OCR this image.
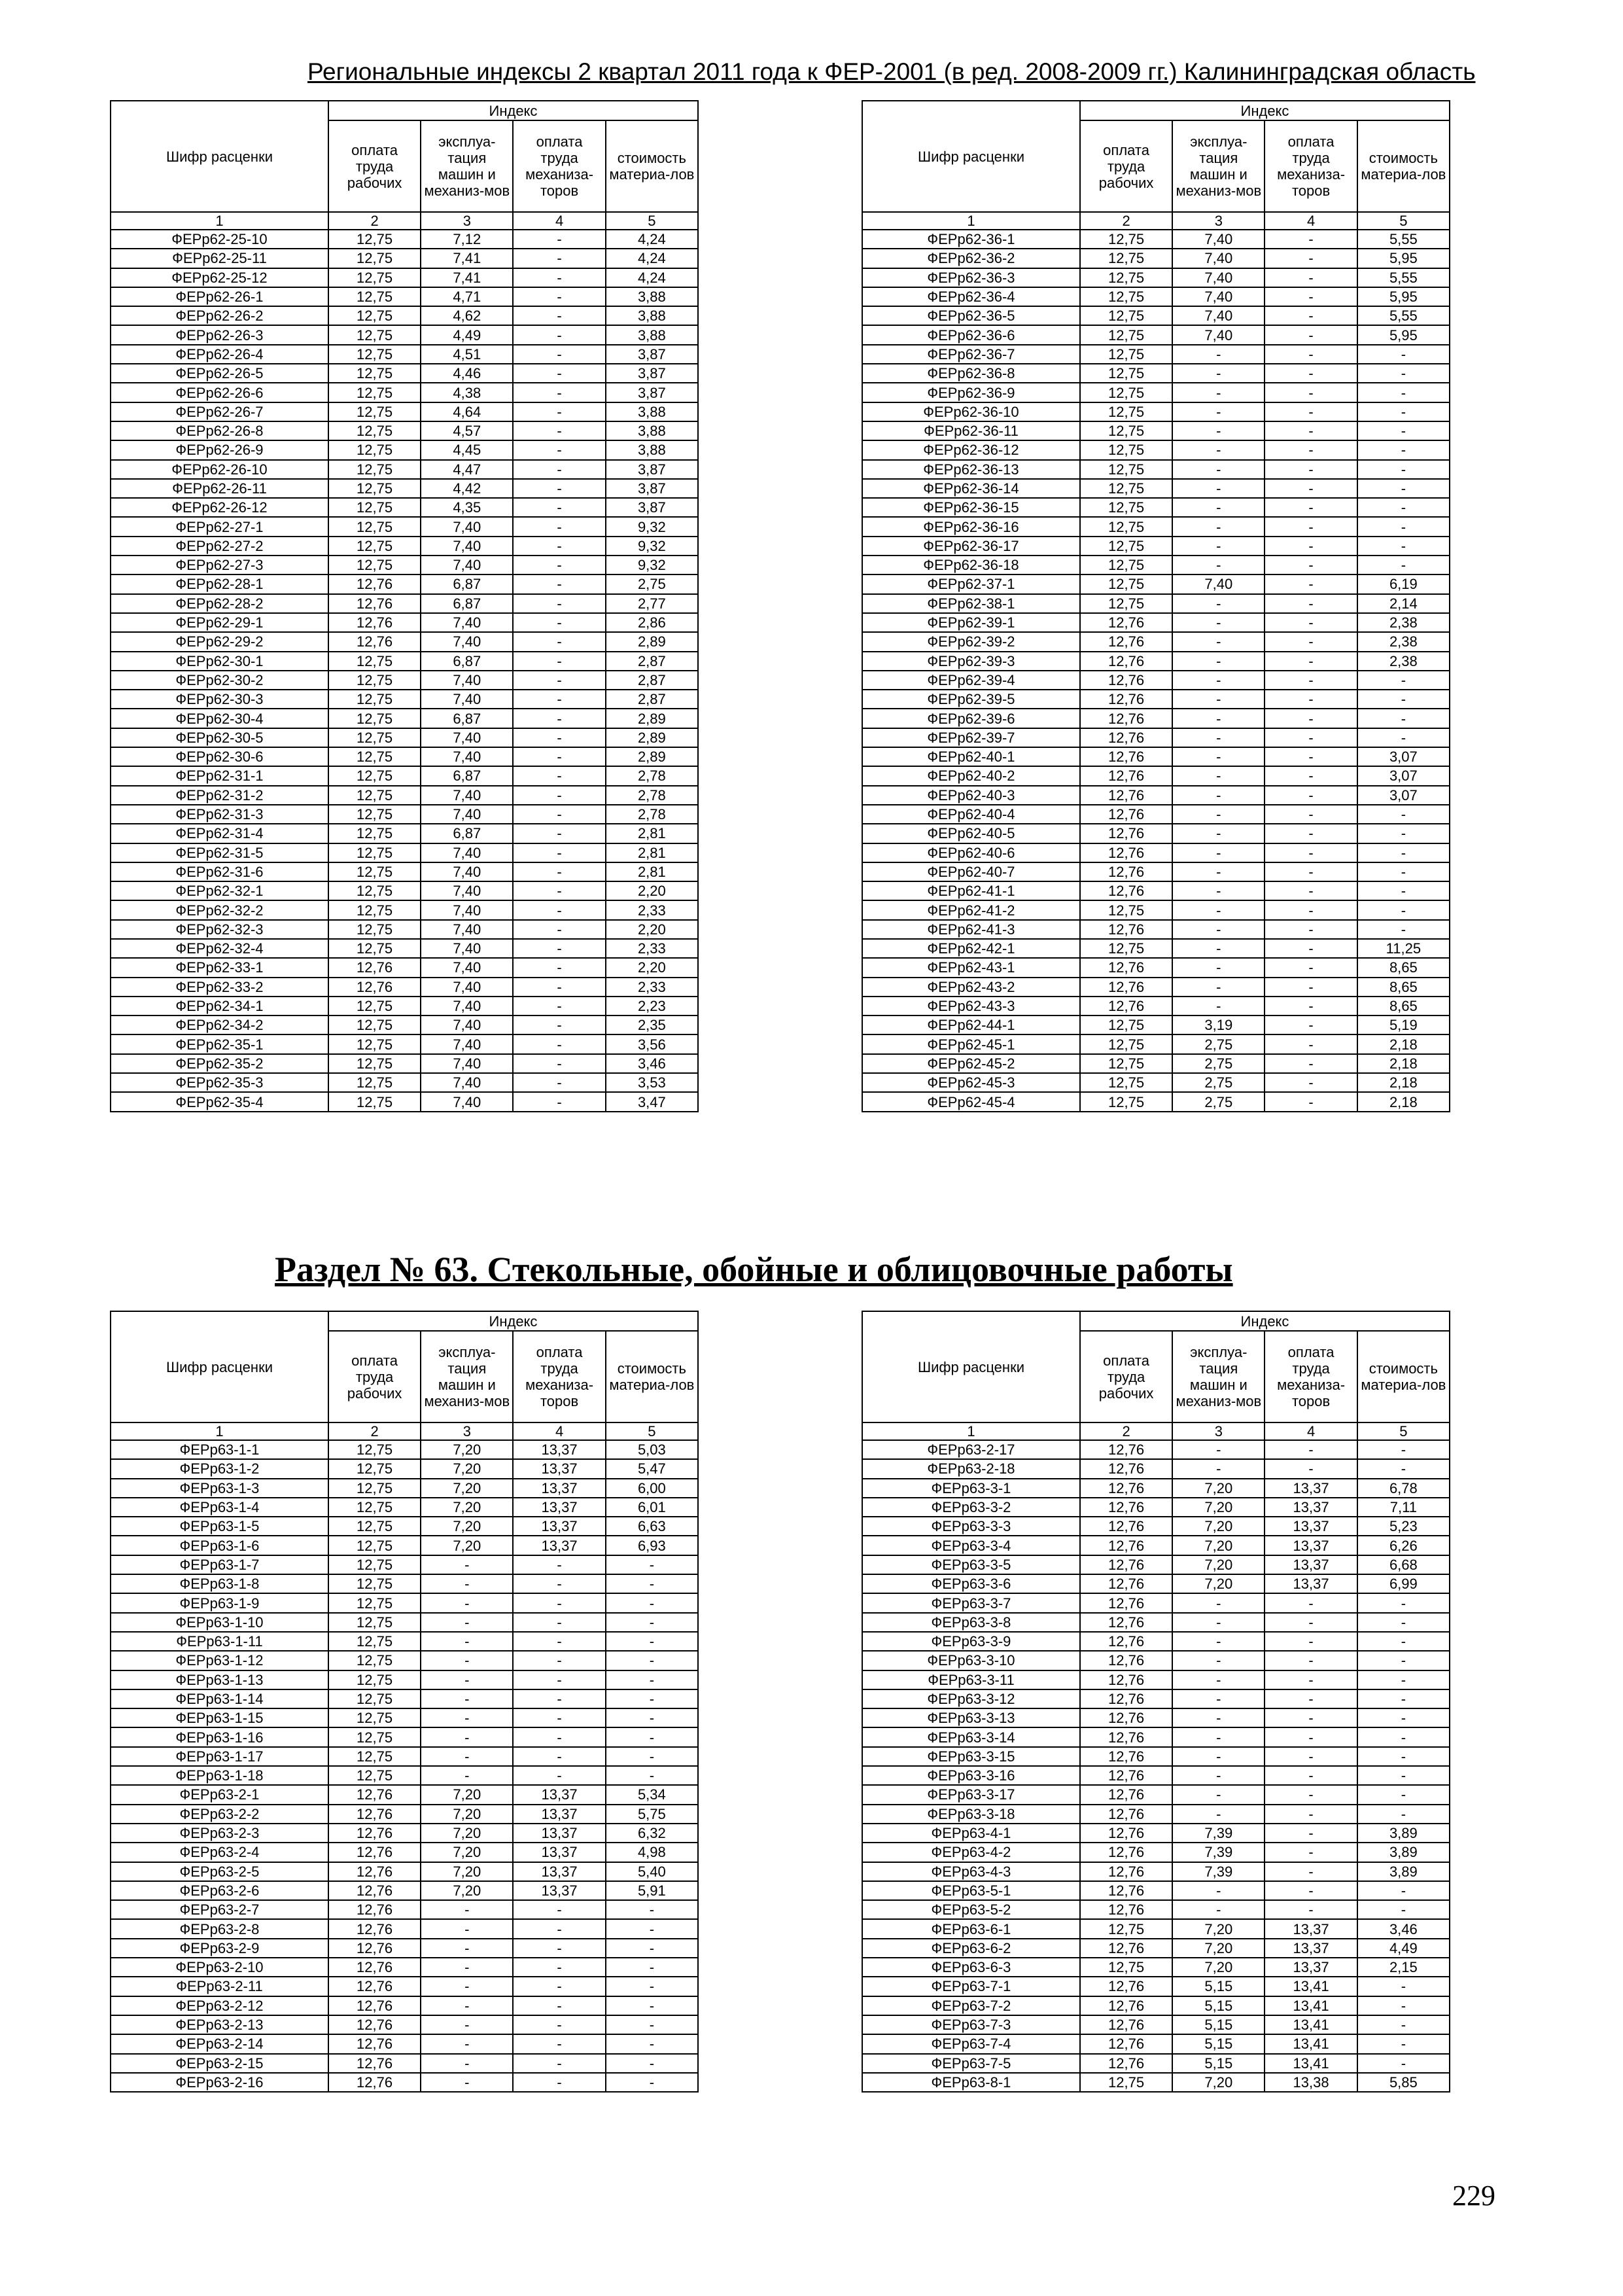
Региональные индексы 2 квартал 2011 года к ФЕР-2001 (в ред. 2008-2009 гг.) Калининградская область
Шифр расценки	Индекс			
	оплата труда рабочих	эксплуа-тация машин и механиз-мов	оплата труда механиза-торов	стоимость материа-лов
1	2	3	4	5
ФЕРр62-25-10	12,75	7,12	-	4,24
ФЕРр62-25-11	12,75	7,41	-	4,24
ФЕРр62-25-12	12,75	7,41	-	4,24
ФЕРр62-26-1	12,75	4,71	-	3,88
ФЕРр62-26-2	12,75	4,62	-	3,88
ФЕРр62-26-3	12,75	4,49	-	3,88
ФЕРр62-26-4	12,75	4,51	-	3,87
ФЕРр62-26-5	12,75	4,46	-	3,87
ФЕРр62-26-6	12,75	4,38	-	3,87
ФЕРр62-26-7	12,75	4,64	-	3,88
ФЕРр62-26-8	12,75	4,57	-	3,88
ФЕРр62-26-9	12,75	4,45	-	3,88
ФЕРр62-26-10	12,75	4,47	-	3,87
ФЕРр62-26-11	12,75	4,42	-	3,87
ФЕРр62-26-12	12,75	4,35	-	3,87
ФЕРр62-27-1	12,75	7,40	-	9,32
ФЕРр62-27-2	12,75	7,40	-	9,32
ФЕРр62-27-3	12,75	7,40	-	9,32
ФЕРр62-28-1	12,76	6,87	-	2,75
ФЕРр62-28-2	12,76	6,87	-	2,77
ФЕРр62-29-1	12,76	7,40	-	2,86
ФЕРр62-29-2	12,76	7,40	-	2,89
ФЕРр62-30-1	12,75	6,87	-	2,87
ФЕРр62-30-2	12,75	7,40	-	2,87
ФЕРр62-30-3	12,75	7,40	-	2,87
ФЕРр62-30-4	12,75	6,87	-	2,89
ФЕРр62-30-5	12,75	7,40	-	2,89
ФЕРр62-30-6	12,75	7,40	-	2,89
ФЕРр62-31-1	12,75	6,87	-	2,78
ФЕРр62-31-2	12,75	7,40	-	2,78
ФЕРр62-31-3	12,75	7,40	-	2,78
ФЕРр62-31-4	12,75	6,87	-	2,81
ФЕРр62-31-5	12,75	7,40	-	2,81
ФЕРр62-31-6	12,75	7,40	-	2,81
ФЕРр62-32-1	12,75	7,40	-	2,20
ФЕРр62-32-2	12,75	7,40	-	2,33
ФЕРр62-32-3	12,75	7,40	-	2,20
ФЕРр62-32-4	12,75	7,40	-	2,33
ФЕРр62-33-1	12,76	7,40	-	2,20
ФЕРр62-33-2	12,76	7,40	-	2,33
ФЕРр62-34-1	12,75	7,40	-	2,23
ФЕРр62-34-2	12,75	7,40	-	2,35
ФЕРр62-35-1	12,75	7,40	-	3,56
ФЕРр62-35-2	12,75	7,40	-	3,46
ФЕРр62-35-3	12,75	7,40	-	3,53
ФЕРр62-35-4	12,75	7,40	-	3,47
Шифр расценки	Индекс			
	оплата труда рабочих	эксплуа-тация машин и механиз-мов	оплата труда механиза-торов	стоимость материа-лов
1	2	3	4	5
ФЕРр62-36-1	12,75	7,40	-	5,55
ФЕРр62-36-2	12,75	7,40	-	5,95
ФЕРр62-36-3	12,75	7,40	-	5,55
ФЕРр62-36-4	12,75	7,40	-	5,95
ФЕРр62-36-5	12,75	7,40	-	5,55
ФЕРр62-36-6	12,75	7,40	-	5,95
ФЕРр62-36-7	12,75	-	-	-
ФЕРр62-36-8	12,75	-	-	-
ФЕРр62-36-9	12,75	-	-	-
ФЕРр62-36-10	12,75	-	-	-
ФЕРр62-36-11	12,75	-	-	-
ФЕРр62-36-12	12,75	-	-	-
ФЕРр62-36-13	12,75	-	-	-
ФЕРр62-36-14	12,75	-	-	-
ФЕРр62-36-15	12,75	-	-	-
ФЕРр62-36-16	12,75	-	-	-
ФЕРр62-36-17	12,75	-	-	-
ФЕРр62-36-18	12,75	-	-	-
ФЕРр62-37-1	12,75	7,40	-	6,19
ФЕРр62-38-1	12,75	-	-	2,14
ФЕРр62-39-1	12,76	-	-	2,38
ФЕРр62-39-2	12,76	-	-	2,38
ФЕРр62-39-3	12,76	-	-	2,38
ФЕРр62-39-4	12,76	-	-	-
ФЕРр62-39-5	12,76	-	-	-
ФЕРр62-39-6	12,76	-	-	-
ФЕРр62-39-7	12,76	-	-	-
ФЕРр62-40-1	12,76	-	-	3,07
ФЕРр62-40-2	12,76	-	-	3,07
ФЕРр62-40-3	12,76	-	-	3,07
ФЕРр62-40-4	12,76	-	-	-
ФЕРр62-40-5	12,76	-	-	-
ФЕРр62-40-6	12,76	-	-	-
ФЕРр62-40-7	12,76	-	-	-
ФЕРр62-41-1	12,76	-	-	-
ФЕРр62-41-2	12,75	-	-	-
ФЕРр62-41-3	12,76	-	-	-
ФЕРр62-42-1	12,75	-	-	11,25
ФЕРр62-43-1	12,76	-	-	8,65
ФЕРр62-43-2	12,76	-	-	8,65
ФЕРр62-43-3	12,76	-	-	8,65
ФЕРр62-44-1	12,75	3,19	-	5,19
ФЕРр62-45-1	12,75	2,75	-	2,18
ФЕРр62-45-2	12,75	2,75	-	2,18
ФЕРр62-45-3	12,75	2,75	-	2,18
ФЕРр62-45-4	12,75	2,75	-	2,18
Раздел № 63. Стекольные, обойные и облицовочные работы
Шифр расценки	Индекс			
	оплата труда рабочих	эксплуа-тация машин и механиз-мов	оплата труда механиза-торов	стоимость материа-лов
1	2	3	4	5
ФЕРр63-1-1	12,75	7,20	13,37	5,03
ФЕРр63-1-2	12,75	7,20	13,37	5,47
ФЕРр63-1-3	12,75	7,20	13,37	6,00
ФЕРр63-1-4	12,75	7,20	13,37	6,01
ФЕРр63-1-5	12,75	7,20	13,37	6,63
ФЕРр63-1-6	12,75	7,20	13,37	6,93
ФЕРр63-1-7	12,75	-	-	-
ФЕРр63-1-8	12,75	-	-	-
ФЕРр63-1-9	12,75	-	-	-
ФЕРр63-1-10	12,75	-	-	-
ФЕРр63-1-11	12,75	-	-	-
ФЕРр63-1-12	12,75	-	-	-
ФЕРр63-1-13	12,75	-	-	-
ФЕРр63-1-14	12,75	-	-	-
ФЕРр63-1-15	12,75	-	-	-
ФЕРр63-1-16	12,75	-	-	-
ФЕРр63-1-17	12,75	-	-	-
ФЕРр63-1-18	12,75	-	-	-
ФЕРр63-2-1	12,76	7,20	13,37	5,34
ФЕРр63-2-2	12,76	7,20	13,37	5,75
ФЕРр63-2-3	12,76	7,20	13,37	6,32
ФЕРр63-2-4	12,76	7,20	13,37	4,98
ФЕРр63-2-5	12,76	7,20	13,37	5,40
ФЕРр63-2-6	12,76	7,20	13,37	5,91
ФЕРр63-2-7	12,76	-	-	-
ФЕРр63-2-8	12,76	-	-	-
ФЕРр63-2-9	12,76	-	-	-
ФЕРр63-2-10	12,76	-	-	-
ФЕРр63-2-11	12,76	-	-	-
ФЕРр63-2-12	12,76	-	-	-
ФЕРр63-2-13	12,76	-	-	-
ФЕРр63-2-14	12,76	-	-	-
ФЕРр63-2-15	12,76	-	-	-
ФЕРр63-2-16	12,76	-	-	-
Шифр расценки	Индекс			
	оплата труда рабочих	эксплуа-тация машин и механиз-мов	оплата труда механиза-торов	стоимость материа-лов
1	2	3	4	5
ФЕРр63-2-17	12,76	-	-	-
ФЕРр63-2-18	12,76	-	-	-
ФЕРр63-3-1	12,76	7,20	13,37	6,78
ФЕРр63-3-2	12,76	7,20	13,37	7,11
ФЕРр63-3-3	12,76	7,20	13,37	5,23
ФЕРр63-3-4	12,76	7,20	13,37	6,26
ФЕРр63-3-5	12,76	7,20	13,37	6,68
ФЕРр63-3-6	12,76	7,20	13,37	6,99
ФЕРр63-3-7	12,76	-	-	-
ФЕРр63-3-8	12,76	-	-	-
ФЕРр63-3-9	12,76	-	-	-
ФЕРр63-3-10	12,76	-	-	-
ФЕРр63-3-11	12,76	-	-	-
ФЕРр63-3-12	12,76	-	-	-
ФЕРр63-3-13	12,76	-	-	-
ФЕРр63-3-14	12,76	-	-	-
ФЕРр63-3-15	12,76	-	-	-
ФЕРр63-3-16	12,76	-	-	-
ФЕРр63-3-17	12,76	-	-	-
ФЕРр63-3-18	12,76	-	-	-
ФЕРр63-4-1	12,76	7,39	-	3,89
ФЕРр63-4-2	12,76	7,39	-	3,89
ФЕРр63-4-3	12,76	7,39	-	3,89
ФЕРр63-5-1	12,76	-	-	-
ФЕРр63-5-2	12,76	-	-	-
ФЕРр63-6-1	12,75	7,20	13,37	3,46
ФЕРр63-6-2	12,76	7,20	13,37	4,49
ФЕРр63-6-3	12,75	7,20	13,37	2,15
ФЕРр63-7-1	12,76	5,15	13,41	-
ФЕРр63-7-2	12,76	5,15	13,41	-
ФЕРр63-7-3	12,76	5,15	13,41	-
ФЕРр63-7-4	12,76	5,15	13,41	-
ФЕРр63-7-5	12,76	5,15	13,41	-
ФЕРр63-8-1	12,75	7,20	13,38	5,85
229
